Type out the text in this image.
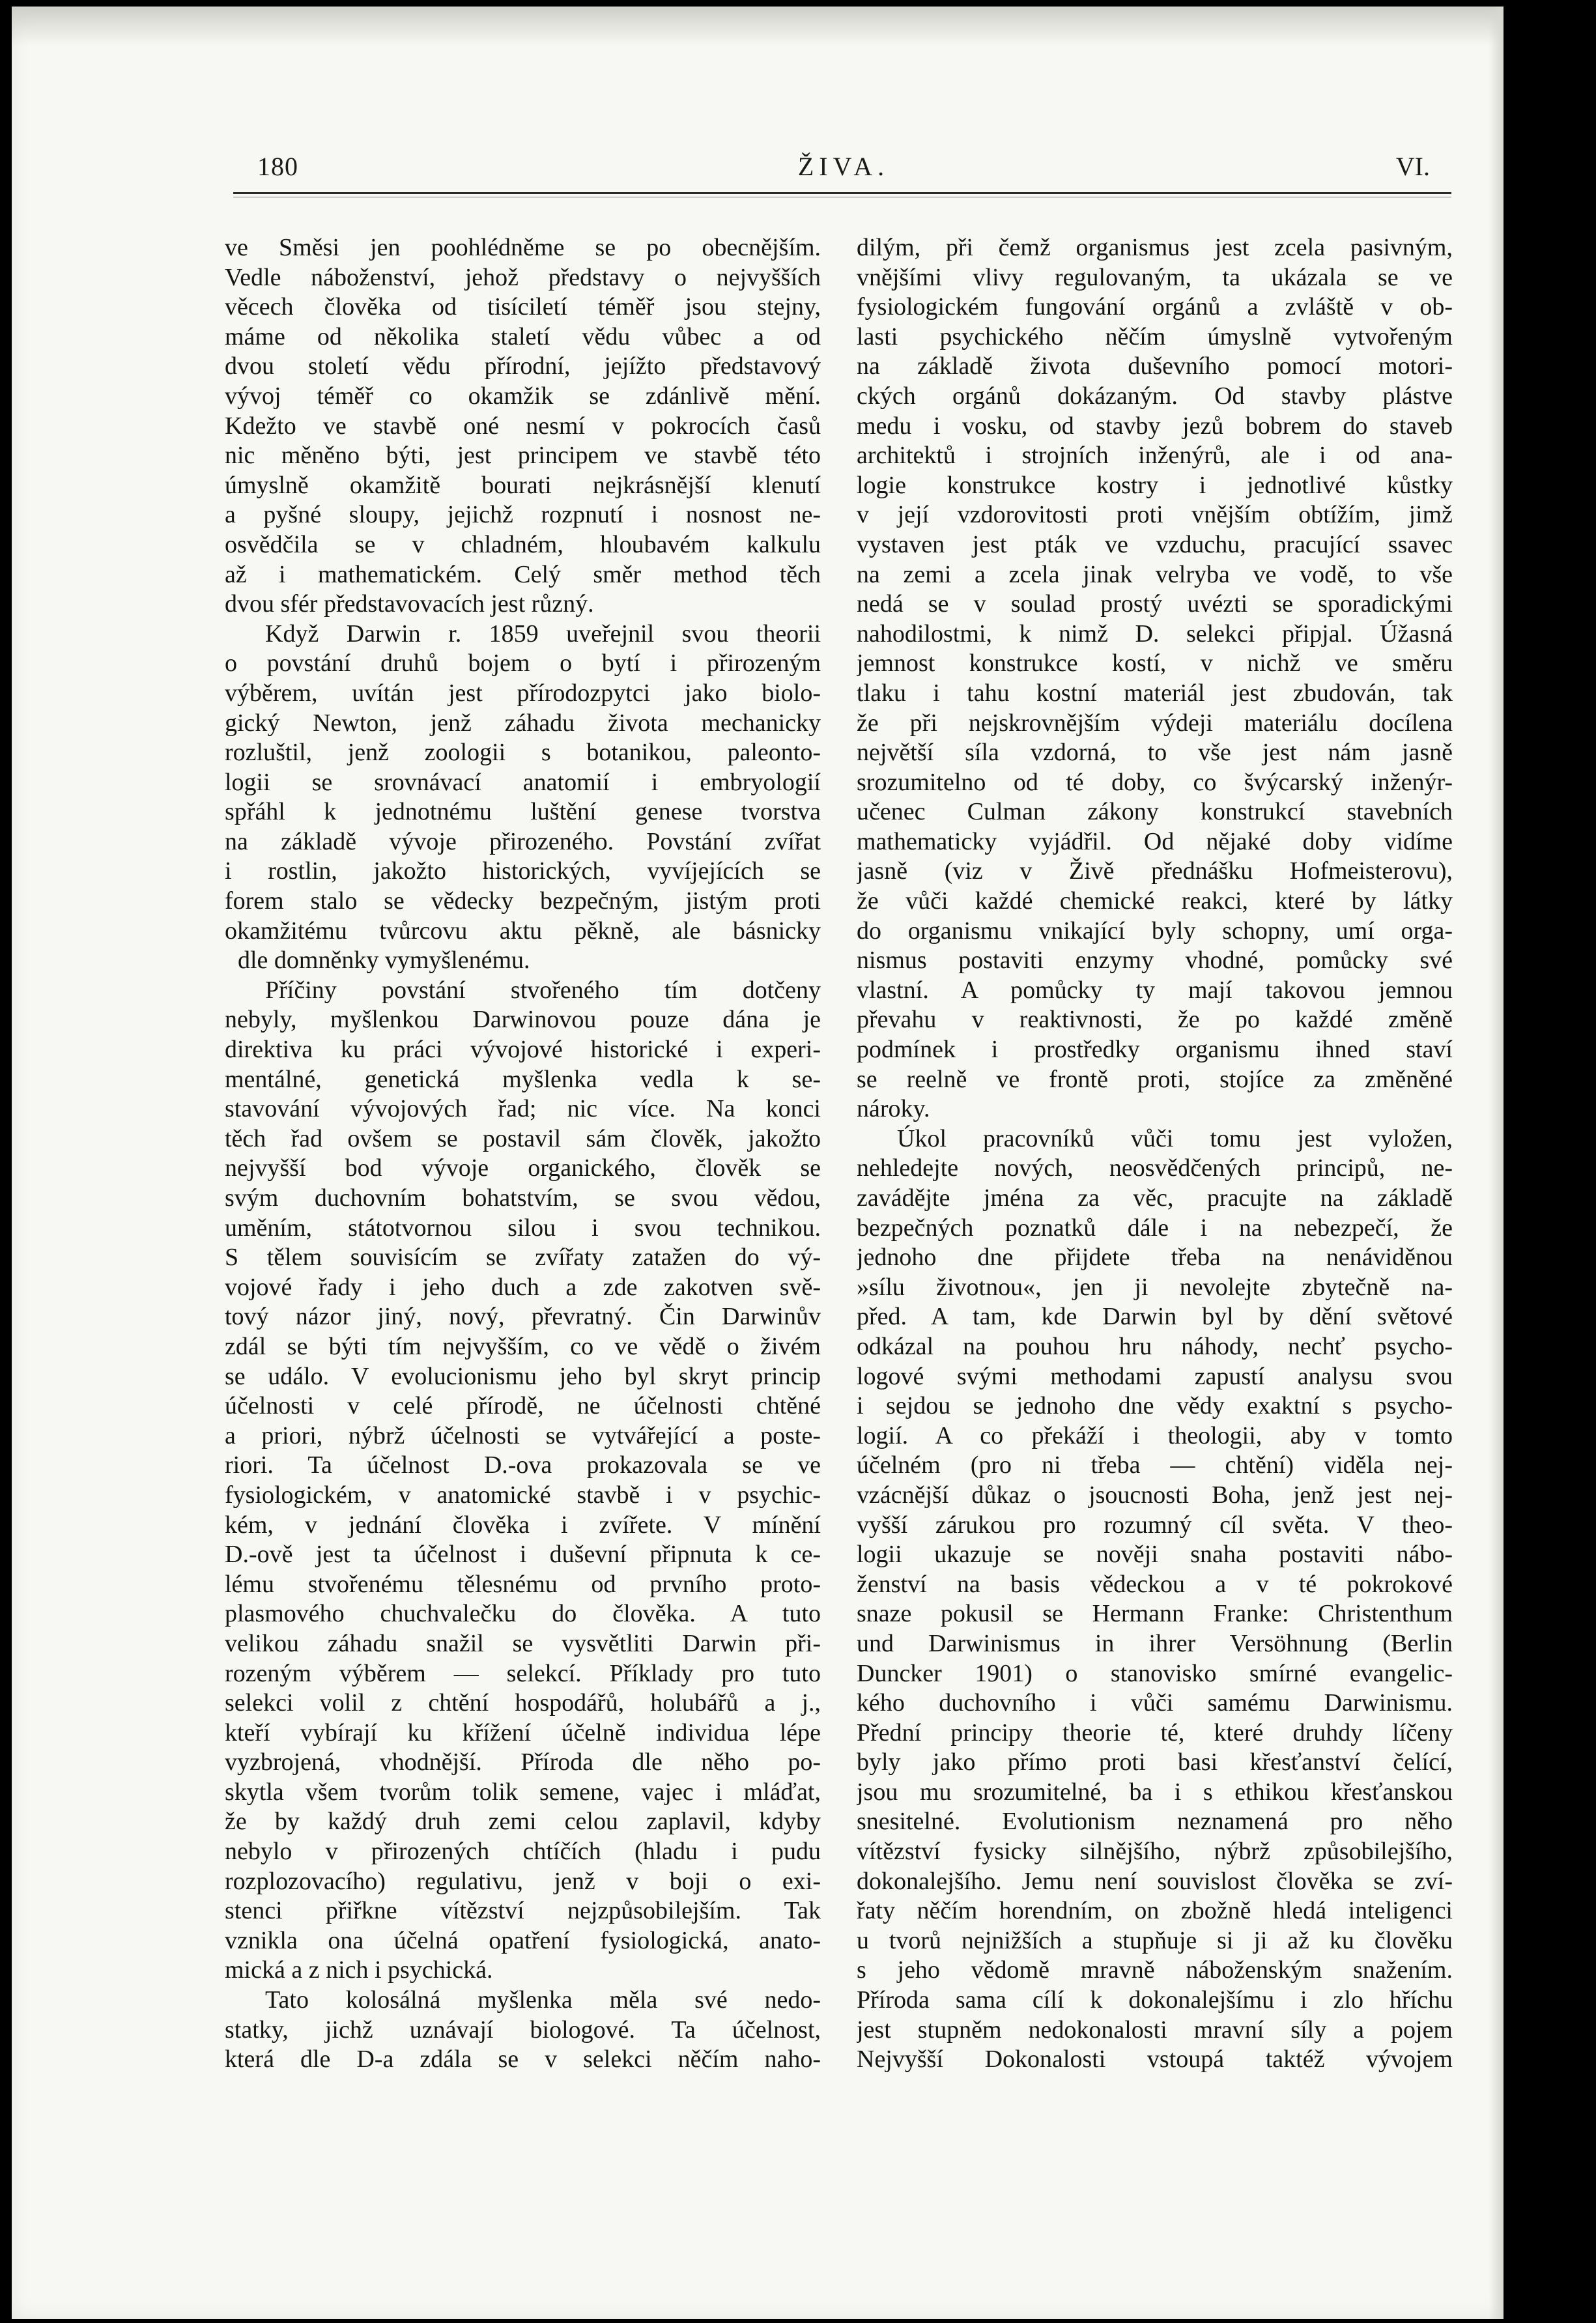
180	ŽIVA.	VI.
ve Směsi jen poohlédněme se po obecnějším.
Vedle náboženství, jehož představy o nejvyšších
věcech člověka od tisíciletí téměř jsou stejny,
máme od několika staletí vědu vůbec a od
dvou století vědu přírodní, jejížto představový
vývoj téměř co okamžik se zdánlivě mění.
Kdežto ve stavbě oné nesmí v pokrocích časů
nic měněno býti, jest principem ve stavbě této
úmyslně okamžitě bourati nejkrásnější klenutí
a pyšné sloupy, jejichž rozpnutí i nosnost ne-
osvědčila se v chladném, hloubavém kalkulu
až i mathematickém. Celý směr method těch
dvou sfér představovacích jest různý.
Když Darwin r. 1859 uveřejnil svou theorii
o povstání druhů bojem o bytí i přirozeným
výběrem, uvítán jest přírodozpytci jako biolo-
gický Newton, jenž záhadu života mechanicky
rozluštil, jenž zoologii s botanikou, paleonto-
logii se srovnávací anatomií i embryologií
spřáhl k jednotnému luštění genese tvorstva
na základě vývoje přirozeného. Povstání zvířat
i rostlin, jakožto historických, vyvíjejících se
forem stalo se vědecky bezpečným, jistým proti
okamžitému tvůrcovu aktu pěkně, ale básnicky
dle domněnky vymyšlenému.
Příčiny povstání stvořeného tím dotčeny
nebyly, myšlenkou Darwinovou pouze dána je
direktiva ku práci vývojové historické i experi-
mentálné, genetická myšlenka vedla k se-
stavování vývojových řad; nic více. Na konci
těch řad ovšem se postavil sám člověk, jakožto
nejvyšší bod vývoje organického, člověk se
svým duchovním bohatstvím, se svou vědou,
uměním, státotvornou silou i svou technikou.
S tělem souvisícím se zvířaty zatažen do vý-
vojové řady i jeho duch a zde zakotven svě-
tový názor jiný, nový, převratný. Čin Darwinův
zdál se býti tím nejvyšším, co ve vědě o živém
se událo. V evolucionismu jeho byl skryt princip
účelnosti v celé přírodě, ne účelnosti chtěné
a priori, nýbrž účelnosti se vytvářející a poste-
riori. Ta účelnost D.-ova prokazovala se ve
fysiologickém, v anatomické stavbě i v psychic-
kém, v jednání člověka i zvířete. V mínění
D.-ově jest ta účelnost i duševní připnuta k ce-
lému stvořenému tělesnému od prvního proto-
plasmového chuchvalečku do člověka. A tuto
velikou záhadu snažil se vysvětliti Darwin při-
rozeným výběrem — selekcí. Příklady pro tuto
selekci volil z chtění hospodářů, holubářů a j.,
kteří vybírají ku křížení účelně individua lépe
vyzbrojená, vhodnější. Příroda dle něho po-
skytla všem tvorům tolik semene, vajec i mláďat,
že by každý druh zemi celou zaplavil, kdyby
nebylo v přirozených chtíčích (hladu i pudu
rozplozovacího) regulativu, jenž v boji o exi-
stenci přiřkne vítězství nejzpůsobilejším. Tak
vznikla ona účelná opatření fysiologická, anato-
mická a z nich i psychická.
Tato kolosálná myšlenka měla své nedo-
statky, jichž uznávají biologové. Ta účelnost,
která dle D-a zdála se v selekci něčím naho-
dilým, při čemž organismus jest zcela pasivným,
vnějšími vlivy regulovaným, ta ukázala se ve
fysiologickém fungování orgánů a zvláště v ob-
lasti psychického něčím úmyslně vytvořeným
na základě života duševního pomocí motori-
ckých orgánů dokázaným. Od stavby plástve
medu i vosku, od stavby jezů bobrem do staveb
architektů i strojních inženýrů, ale i od ana-
logie konstrukce kostry i jednotlivé kůstky
v její vzdorovitosti proti vnějším obtížím, jimž
vystaven jest pták ve vzduchu, pracující ssavec
na zemi a zcela jinak velryba ve vodě, to vše
nedá se v soulad prostý uvézti se sporadickými
nahodilostmi, k nimž D. selekci připjal. Úžasná
jemnost konstrukce kostí, v nichž ve směru
tlaku i tahu kostní materiál jest zbudován, tak
že při nejskrovnějším výdeji materiálu docílena
největší síla vzdorná, to vše jest nám jasně
srozumitelno od té doby, co švýcarský inženýr-
učenec Culman zákony konstrukcí stavebních
mathematicky vyjádřil. Od nějaké doby vidíme
jasně (viz v Živě přednášku Hofmeisterovu),
že vůči každé chemické reakci, které by látky
do organismu vnikající byly schopny, umí orga-
nismus postaviti enzymy vhodné, pomůcky své
vlastní. A pomůcky ty mají takovou jemnou
převahu v reaktivnosti, že po každé změně
podmínek i prostředky organismu ihned staví
se reelně ve frontě proti, stojíce za změněné
nároky.
Úkol pracovníků vůči tomu jest vyložen,
nehledejte nových, neosvědčených principů, ne-
zavádějte jména za věc, pracujte na základě
bezpečných poznatků dále i na nebezpečí, že
jednoho dne přijdete třeba na nenáviděnou
»sílu životnou«, jen ji nevolejte zbytečně na-
před. A tam, kde Darwin byl by dění světové
odkázal na pouhou hru náhody, nechť psycho-
logové svými methodami zapustí analysu svou
i sejdou se jednoho dne vědy exaktní s psycho-
logií. A co překáží i theologii, aby v tomto
účelném (pro ni třeba — chtění) viděla nej-
vzácnější důkaz o jsoucnosti Boha, jenž jest nej-
vyšší zárukou pro rozumný cíl světa. V theo-
logii ukazuje se nověji snaha postaviti nábo-
ženství na basis vědeckou a v té pokrokové
snaze pokusil se Hermann Franke: Christenthum
und Darwinismus in ihrer Versöhnung (Berlin
Duncker 1901) o stanovisko smírné evangelic-
kého duchovního i vůči samému Darwinismu.
Přední principy theorie té, které druhdy líčeny
byly jako přímo proti basi křesťanství čelící,
jsou mu srozumitelné, ba i s ethikou křesťanskou
snesitelné. Evolutionism neznamená pro něho
vítězství fysicky silnějšího, nýbrž způsobilejšího,
dokonalejšího. Jemu není souvislost člověka se zví-
řaty něčím horendním, on zbožně hledá inteligenci
u tvorů nejnižších a stupňuje si ji až ku člověku
s jeho vědomě mravně náboženským snažením.
Příroda sama cílí k dokonalejšímu i zlo hříchu
jest stupněm nedokonalosti mravní síly a pojem
Nejvyšší Dokonalosti vstoupá taktéž vývojem
